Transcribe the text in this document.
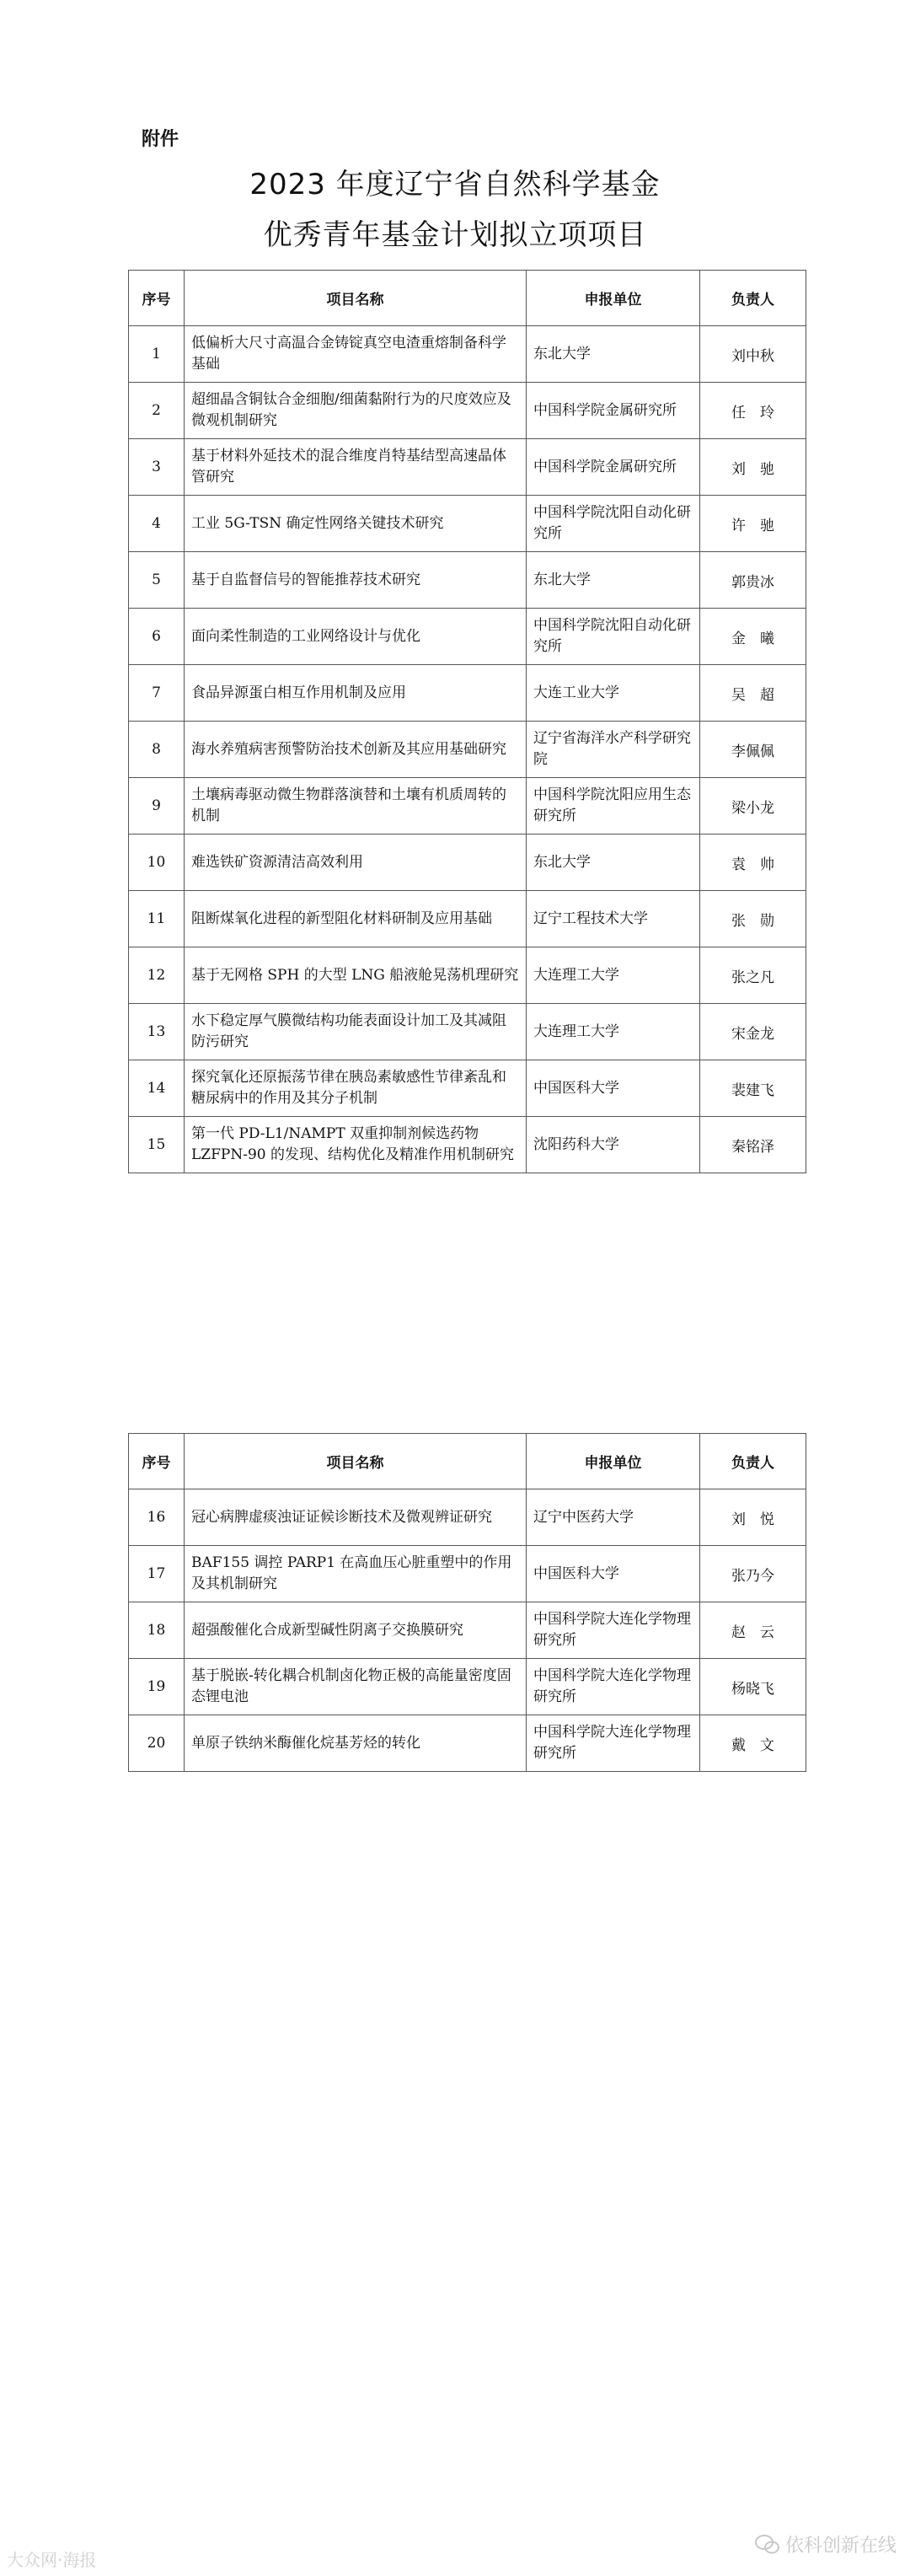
附件
2023 年度辽宁省自然科学基金
优秀青年基金计划拟立项项目
序号	项目名称	申报单位	负责人
1	低偏析大尺寸高温合金铸锭真空电渣重熔制备科学基础	东北大学	刘中秋
2	超细晶含铜钛合金细胞/细菌黏附行为的尺度效应及微观机制研究	中国科学院金属研究所	任　玲
3	基于材料外延技术的混合维度肖特基结型高速晶体管研究	中国科学院金属研究所	刘　驰
4	工业 5G-TSN 确定性网络关键技术研究	中国科学院沈阳自动化研究所	许　驰
5	基于自监督信号的智能推荐技术研究	东北大学	郭贵冰
6	面向柔性制造的工业网络设计与优化	中国科学院沈阳自动化研究所	金　曦
7	食品异源蛋白相互作用机制及应用	大连工业大学	吴　超
8	海水养殖病害预警防治技术创新及其应用基础研究	辽宁省海洋水产科学研究院	李佩佩
9	土壤病毒驱动微生物群落演替和土壤有机质周转的机制	中国科学院沈阳应用生态研究所	梁小龙
10	难选铁矿资源清洁高效利用	东北大学	袁　帅
11	阻断煤氧化进程的新型阻化材料研制及应用基础	辽宁工程技术大学	张　勋
12	基于无网格 SPH 的大型 LNG 船液舱晃荡机理研究	大连理工大学	张之凡
13	水下稳定厚气膜微结构功能表面设计加工及其减阻防污研究	大连理工大学	宋金龙
14	探究氧化还原振荡节律在胰岛素敏感性节律紊乱和糖尿病中的作用及其分子机制	中国医科大学	裴建飞
15	第一代 PD-L1/NAMPT 双重抑制剂候选药物LZFPN-90 的发现、结构优化及精准作用机制研究	沈阳药科大学	秦铭泽
序号	项目名称	申报单位	负责人
16	冠心病脾虚痰浊证证候诊断技术及微观辨证研究	辽宁中医药大学	刘　悦
17	BAF155 调控 PARP1 在高血压心脏重塑中的作用及其机制研究	中国医科大学	张乃今
18	超强酸催化合成新型碱性阴离子交换膜研究	中国科学院大连化学物理研究所	赵　云
19	基于脱嵌-转化耦合机制卤化物正极的高能量密度固态锂电池	中国科学院大连化学物理研究所	杨晓飞
20	单原子铁纳米酶催化烷基芳烃的转化	中国科学院大连化学物理研究所	戴　文
依科创新在线
大众网·海报
